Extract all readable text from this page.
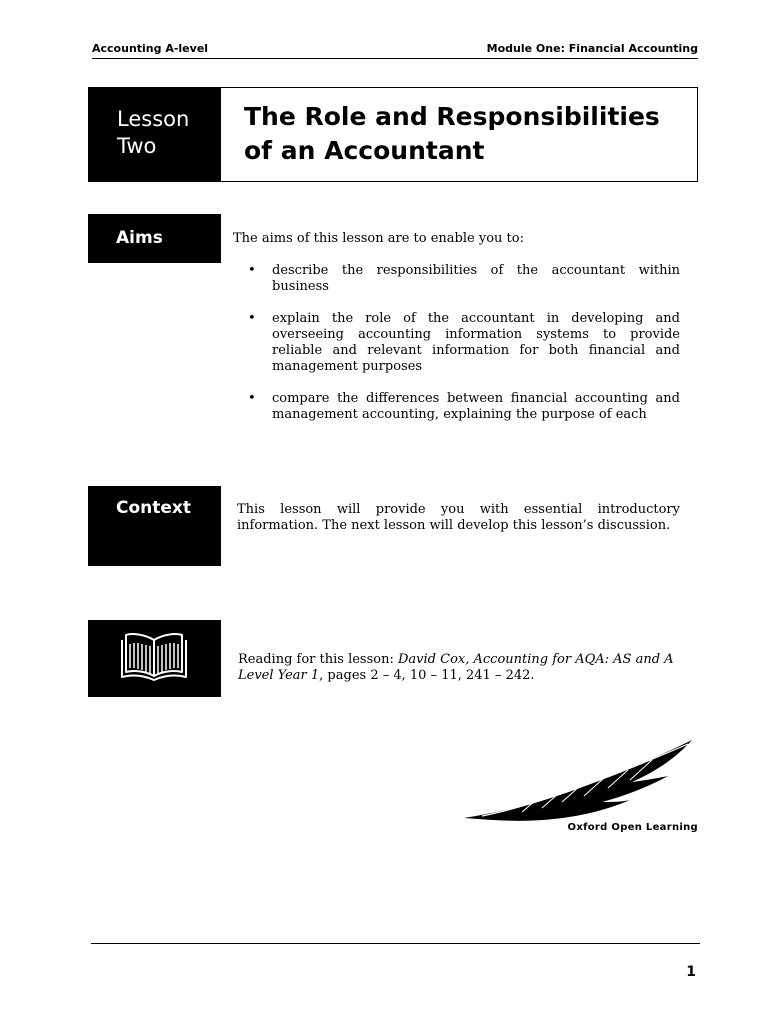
Accounting A-level	Module One: Financial Accounting
Lesson
Two
The Role and Responsibilities of an Accountant
Aims	The aims of this lesson are to enable you to:
• describe the responsibilities of the accountant within business
• explain the role of the accountant in developing and overseeing accounting information systems to provide reliable and relevant information for both financial and management purposes
• compare the differences between financial accounting and management accounting, explaining the purpose of each
Context	This lesson will provide you with essential introductory information. The next lesson will develop this lesson’s discussion.
Reading for this lesson: David Cox, Accounting for AQA: AS and A Level Year 1, pages 2 – 4, 10 – 11, 241 – 242.
Oxford Open Learning
1
